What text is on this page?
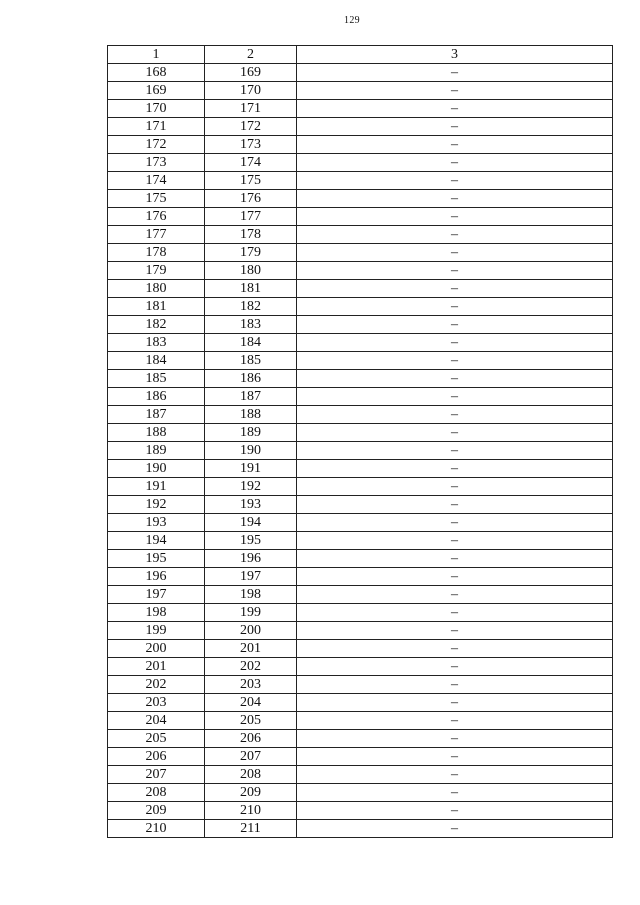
129
1	2	3
168	169	–
169	170	–
170	171	–
171	172	–
172	173	–
173	174	–
174	175	–
175	176	–
176	177	–
177	178	–
178	179	–
179	180	–
180	181	–
181	182	–
182	183	–
183	184	–
184	185	–
185	186	–
186	187	–
187	188	–
188	189	–
189	190	–
190	191	–
191	192	–
192	193	–
193	194	–
194	195	–
195	196	–
196	197	–
197	198	–
198	199	–
199	200	–
200	201	–
201	202	–
202	203	–
203	204	–
204	205	–
205	206	–
206	207	–
207	208	–
208	209	–
209	210	–
210	211	–
